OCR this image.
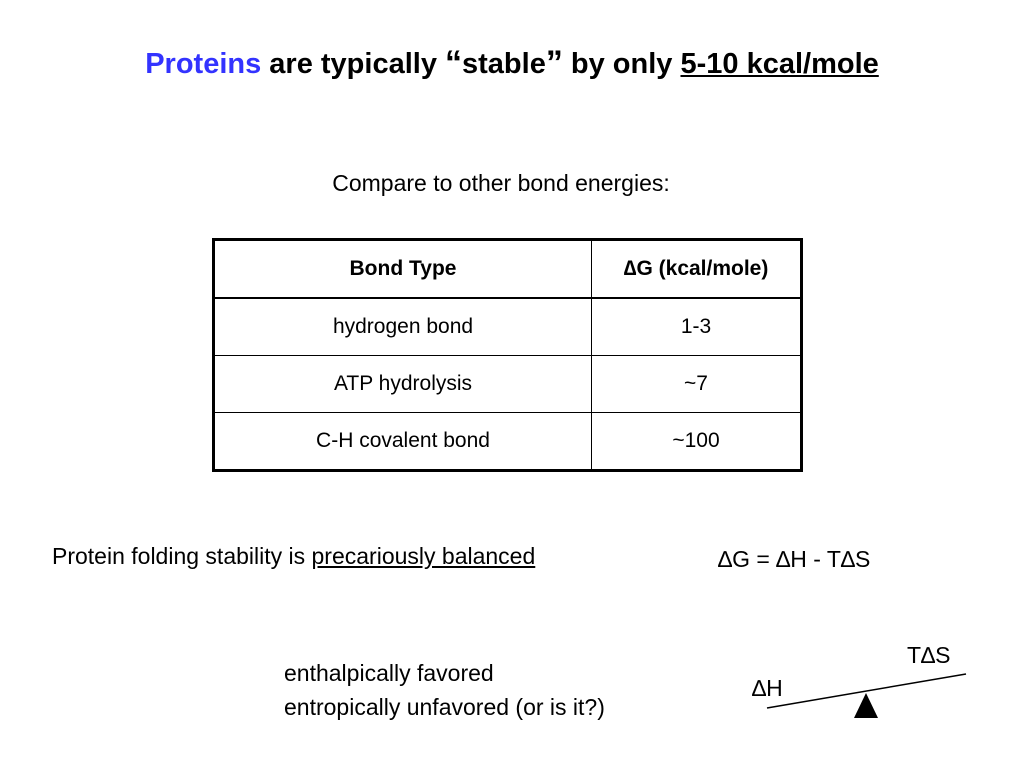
Proteins are typically “stable” by only 5-10 kcal/mole
Compare to other bond energies:
Bond Type	∆G (kcal/mole)
hydrogen bond	1-3
ATP hydrolysis	~7
C-H covalent bond	~100
Protein folding stability is precariously balanced	∆G = ∆H - T∆S
enthalpically favored
entropically unfavored (or is it?)
T∆S
∆H
